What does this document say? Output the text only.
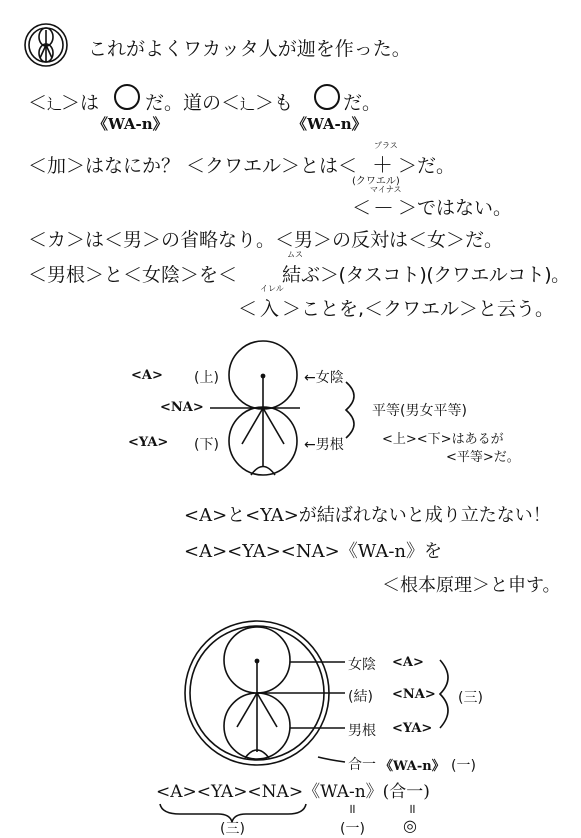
これがよくワカッタ人が迦を作った。
＜辶＞は だ。道の＜辶＞も	だ。
《WA-n》	《WA-n》
＜加＞はなにか？ ＜クワエル＞とは＜
プラス
＋ ＞だ。
(クワエル)
マイナス
＜ － ＞ではない。
＜カ＞は＜男＞の省略なり。＜男＞の反対は＜女＞だ。
＜男根＞と＜女陰＞を＜
ムス
結ぶ ＞(タスコト)(クワエルコト)。
＜
イレル
入 ＞ことを,＜クワエル＞と云う。
<A> (上)
<NA>
<YA> (下)
←女陰
←男根
平等(男女平等)
<上><下>はあるが
<平等>だ。
<A>と<YA>が結ばれないと成り立たない！
<A><YA><NA>《WA-n》を
＜根本原理＞と申す。
女陰 <A>
(結) <NA> (三)
男根 <YA>
合一 《WA-n》 (一)
<A><YA><NA>《WA-n》(合一)
(三)
॥
(一)
॥
◎
